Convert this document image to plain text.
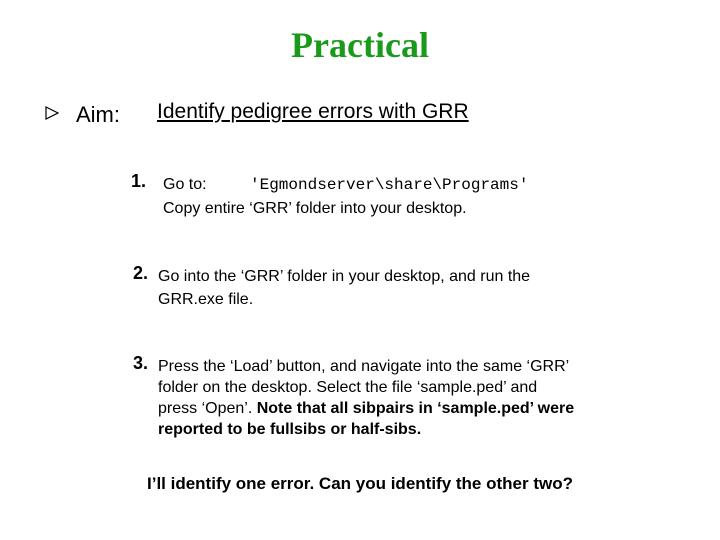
Practical
Aim: Identify pedigree errors with GRR
1. Go to:	'Egmondserver\share\Programs'
Copy entire ‘GRR’ folder into your desktop.
2. Go into the ‘GRR’ folder in your desktop, and run the
GRR.exe file.
3. Press the ‘Load’ button, and navigate into the same ‘GRR’
folder on the desktop. Select the file ‘sample.ped’ and
press ‘Open’. Note that all sibpairs in ‘sample.ped’ were
reported to be fullsibs or half-sibs.
I’ll identify one error. Can you identify the other two?
